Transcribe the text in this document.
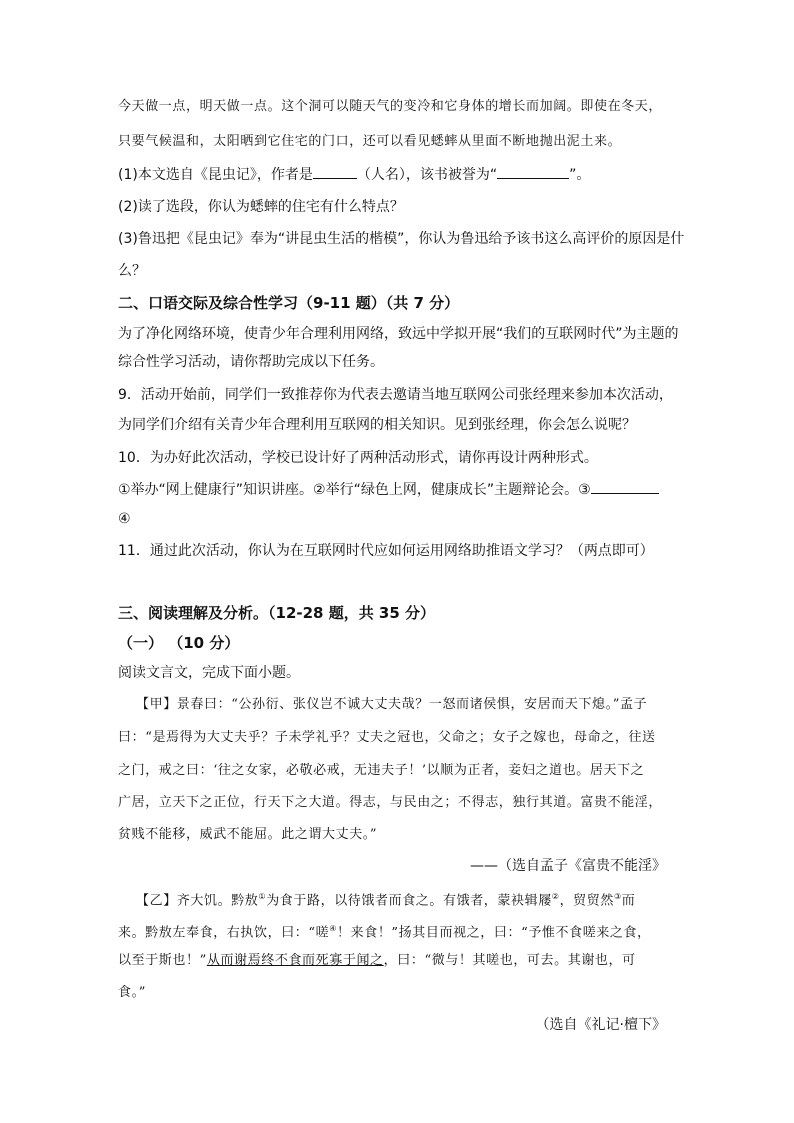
今天做一点，明天做一点。这个洞可以随天气的变冷和它身体的增长而加阔。即使在冬天，
只要气候温和，太阳晒到它住宅的门口，还可以看见蟋蟀从里面不断地抛出泥土来。
(1)本文选自《昆虫记》，作者是	（人名），该书被誉为“	”。
(2)读了选段，你认为蟋蟀的住宅有什么特点？
(3)鲁迅把《昆虫记》奉为“讲昆虫生活的楷模”，你认为鲁迅给予该书这么高评价的原因是什
么？
二、口语交际及综合性学习（9-11 题）（共 7 分）
为了净化网络环境，使青少年合理利用网络，致远中学拟开展“我们的互联网时代”为主题的
综合性学习活动，请你帮助完成以下任务。
9．活动开始前，同学们一致推荐你为代表去邀请当地互联网公司张经理来参加本次活动，
为同学们介绍有关青少年合理利用互联网的相关知识。见到张经理，你会怎么说呢？
10．为办好此次活动，学校已设计好了两种活动形式，请你再设计两种形式。
①举办“网上健康行”知识讲座。②举行“绿色上网，健康成长”主题辩论会。③
④
11．通过此次活动，你认为在互联网时代应如何运用网络助推语文学习？（两点即可）
三、阅读理解及分析。（12-28 题，共 35 分）
（一） （10 分）
阅读文言文，完成下面小题。
【甲】景春曰：“公孙衍、张仪岂不诚大丈夫哉？一怒而诸侯惧，安居而天下熄。”孟子
曰：“是焉得为大丈夫乎？子未学礼乎？丈夫之冠也，父命之；女子之嫁也，母命之，往送
之门，戒之曰：‘往之女家，必敬必戒，无违夫子！’以顺为正者，妾妇之道也。居天下之
广居，立天下之正位，行天下之大道。得志，与民由之；不得志，独行其道。富贵不能淫，
贫贱不能移，威武不能屈。此之谓大丈夫。”
——（选自孟子《富贵不能淫》
【乙】齐大饥。黔敖①为食于路，以待饿者而食之。有饿者，蒙袂辑屦②，贸贸然③而
来。黔敖左奉食，右执饮，曰：“嗟④！来食！”扬其目而视之，曰：“予惟不食嗟来之食，
以至于斯也！”从而谢焉终不食而死寡于闻之，曰：“微与！其嗟也，可去。其谢也，可
食。”
（选自《礼记·檀下》
